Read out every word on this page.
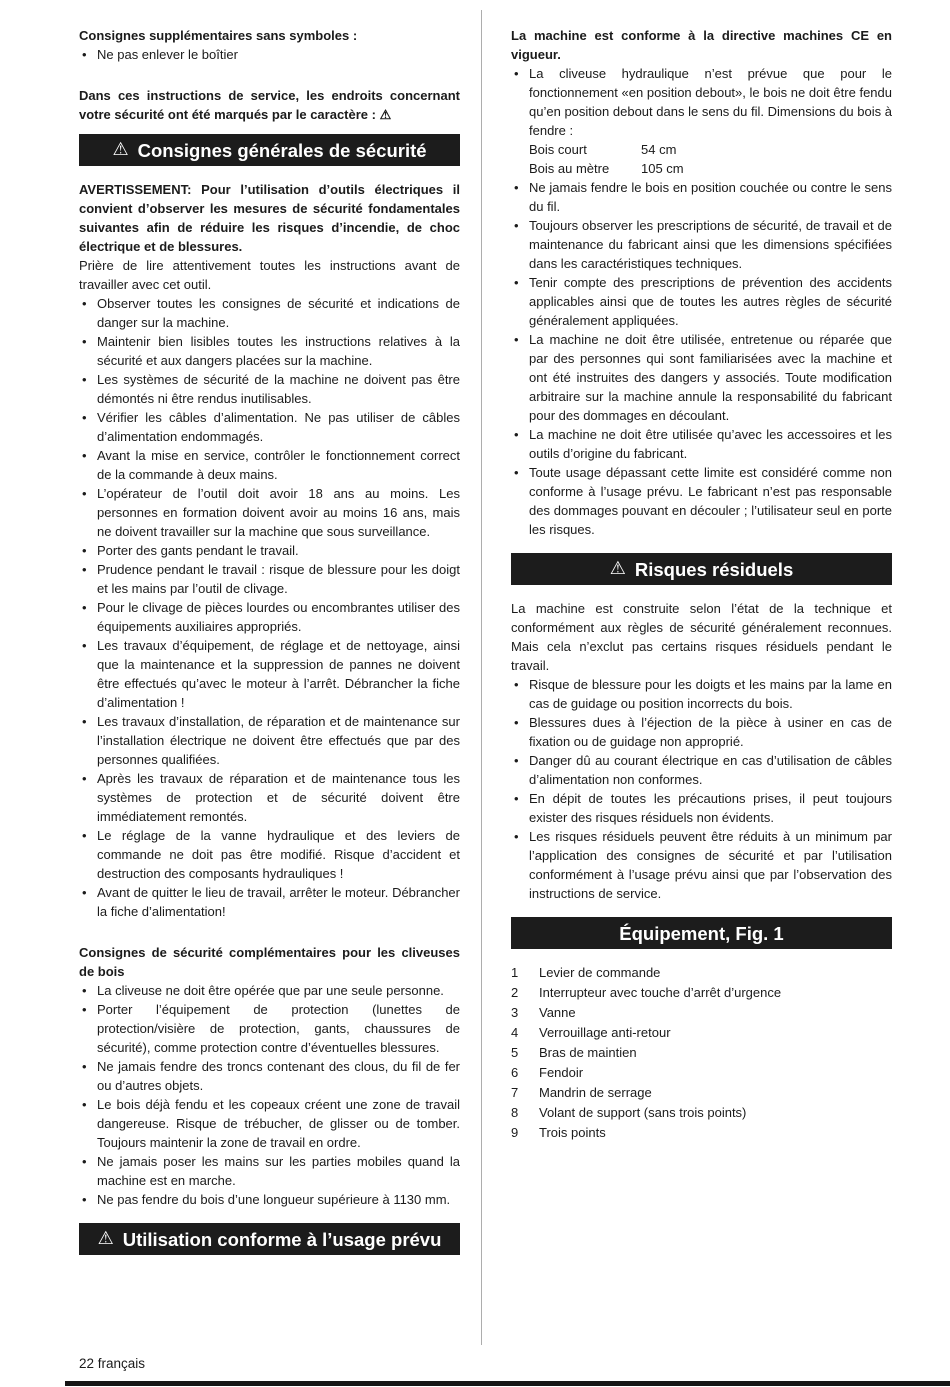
Consignes supplémentaires sans symboles :

• Ne pas enlever le boîtier

Dans ces instructions de service, les endroits concernant votre sécurité ont été marqués par le caractère : ⚠

⚠ Consignes générales de sécurité

AVERTISSEMENT: Pour l’utilisation d’outils électriques il convient d’observer les mesures de sécurité fondamentales suivantes afin de réduire les risques d’incendie, de choc électrique et de blessures.

Prière de lire attentivement toutes les instructions avant de travailler avec cet outil.

• Observer toutes les consignes de sécurité et indications de danger sur la machine.
• Maintenir bien lisibles toutes les instructions relatives à la sécurité et aux dangers placées sur la machine.
• Les systèmes de sécurité de la machine ne doivent pas être démontés ni être rendus inutilisables.
• Vérifier les câbles d’alimentation. Ne pas utiliser de câbles d’alimentation endommagés.
• Avant la mise en service, contrôler le fonctionnement correct de la commande à deux mains.
• L’opérateur de l’outil doit avoir 18 ans au moins. Les personnes en formation doivent avoir au moins 16 ans, mais ne doivent travailler sur la machine que sous surveillance.
• Porter des gants pendant le travail.
• Prudence pendant le travail : risque de blessure pour les doigt et les mains par l’outil de clivage.
• Pour le clivage de pièces lourdes ou encombrantes utiliser des équipements auxiliaires appropriés.
• Les travaux d’équipement, de réglage et de nettoyage, ainsi que la maintenance et la suppression de pannes ne doivent être effectués qu’avec le moteur à l’arrêt. Débrancher la fiche d’alimentation !
• Les travaux d’installation, de réparation et de maintenance sur l’installation électrique ne doivent être effectués que par des personnes qualifiées.
• Après les travaux de réparation et de maintenance tous les systèmes de protection et de sécurité doivent être immédiatement remontés.
• Le réglage de la vanne hydraulique et des leviers de commande ne doit pas être modifié. Risque d’accident et destruction des composants hydrauliques !
• Avant de quitter le lieu de travail, arrêter le moteur. Débrancher la fiche d’alimentation!

Consignes de sécurité complémentaires pour les cliveuses de bois

• La cliveuse ne doit être opérée que par une seule personne.
• Porter l’équipement de protection (lunettes de protection/visière de protection, gants, chaussures de sécurité), comme protection contre d’éventuelles blessures.
• Ne jamais fendre des troncs contenant des clous, du fil de fer ou d’autres objets.
• Le bois déjà fendu et les copeaux créent une zone de travail dangereuse. Risque de trébucher, de glisser ou de tomber. Toujours maintenir la zone de travail en ordre.
• Ne jamais poser les mains sur les parties mobiles quand la machine est en marche.
• Ne pas fendre du bois d’une longueur supérieure à 1130 mm.
⚠ Utilisation conforme à l’usage prévu

La machine est conforme à la directive machines CE en vigueur.

• La cliveuse hydraulique n’est prévue que pour le fonctionnement «en position debout», le bois ne doit être fendu qu’en position debout dans le sens du fil. Dimensions du bois à fendre :
Bois court	54 cm
Bois au mètre	105 cm
• Ne jamais fendre le bois en position couchée ou contre le sens du fil.
• Toujours observer les prescriptions de sécurité, de travail et de maintenance du fabricant ainsi que les dimensions spécifiées dans les caractéristiques techniques.
• Tenir compte des prescriptions de prévention des accidents applicables ainsi que de toutes les autres règles de sécurité généralement appliquées.
• La machine ne doit être utilisée, entretenue ou réparée que par des personnes qui sont familiarisées avec la machine et ont été instruites des dangers y associés. Toute modification arbitraire sur la machine annule la responsabilité du fabricant pour des dommages en découlant.
• La machine ne doit être utilisée qu’avec les accessoires et les outils d’origine du fabricant.
• Toute usage dépassant cette limite est considéré comme non conforme à l’usage prévu. Le fabricant n’est pas responsable des dommages pouvant en découler ; l’utilisateur seul en porte les risques.
⚠ Risques résiduels

La machine est construite selon l’état de la technique et conformément aux règles de sécurité généralement reconnues. Mais cela n’exclut pas certains risques résiduels pendant le travail.

• Risque de blessure pour les doigts et les mains par la lame en cas de guidage ou position incorrects du bois.
• Blessures dues à l’éjection de la pièce à usiner en cas de fixation ou de guidage non approprié.
• Danger dû au courant électrique en cas d’utilisation de câbles d’alimentation non conformes.
• En dépit de toutes les précautions prises, il peut toujours exister des risques résiduels non évidents.
• Les risques résiduels peuvent être réduits à un minimum par l’application des consignes de sécurité et par l’utilisation conformément à l’usage prévu ainsi que par l’observation des instructions de service.
Équipement, Fig. 1
1	Levier de commande
2	Interrupteur avec touche d’arrêt d’urgence
3	Vanne
4	Verrouillage anti-retour
5	Bras de maintien
6	Fendoir
7	Mandrin de serrage
8	Volant de support (sans trois points)
9	Trois points
22 français
